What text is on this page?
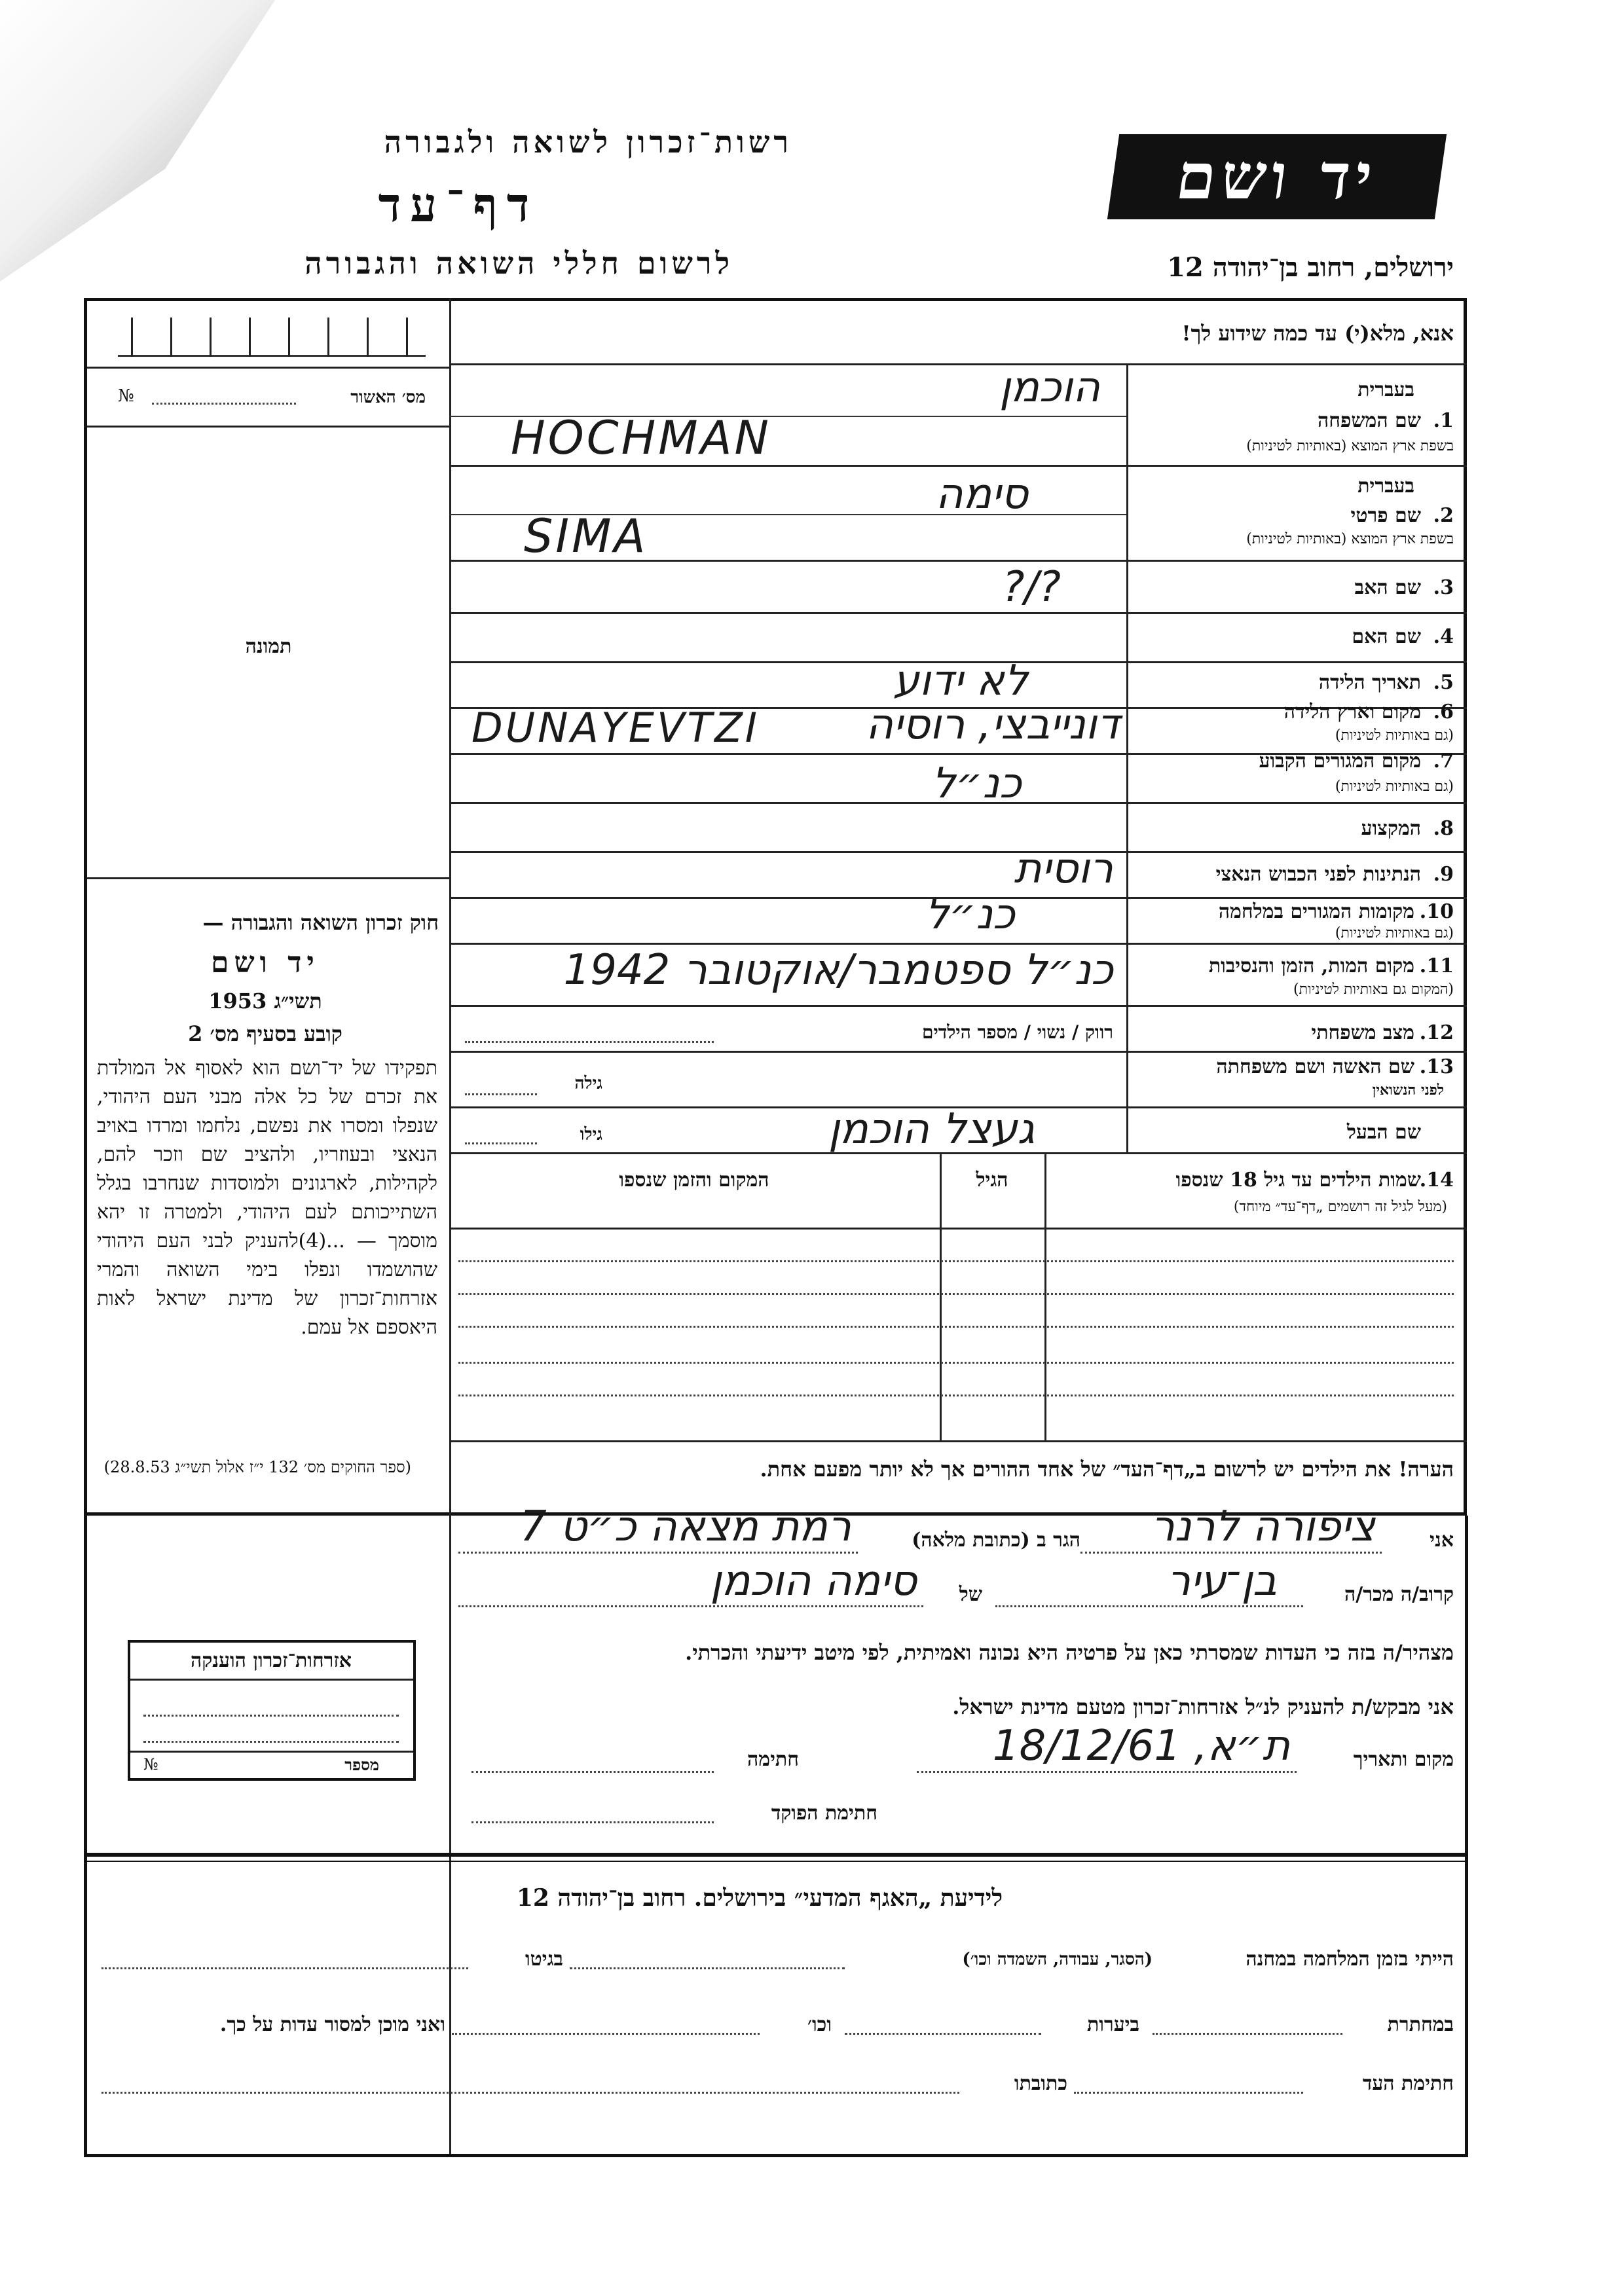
רשות־זכרון לשואה ולגבורה
דף־עד
לרשום חללי השואה והגבורה
יד ושם
ירושלים, רחוב בן־יהודה 12
מס׳ האשור
№
תמונה
אנא, מלא(י) עד כמה שידוע לך!
1.
שם המשפחה
בעברית
בשפת ארץ המוצא (באותיות לטיניות)
הוכמן
HOCHMAN
2.
שם פרטי
בעברית
בשפת ארץ המוצא (באותיות לטיניות)
סימה
SIMA
3.
שם האב
?/?
4.
שם האם
5.
תאריך הלידה
לא ידוע
6.
מקום וארץ הלידה
(גם באותיות לטיניות)
דונייבצי, רוסיה
DUNAYEVTZI
7.
מקום המגורים הקבוע
(גם באותיות לטיניות)
כנ״ל
8.
המקצוע
9.
הנתינות לפני הכבוש הנאצי
רוסית
10.
מקומות המגורים במלחמה
(גם באותיות לטיניות)
כנ״ל
11.
מקום המות, הזמן והנסיבות
(המקום גם באותיות לטיניות)
כנ״ל ספטמבר/אוקטובר 1942
12.
מצב משפחתי
רווק / נשוי / מספר הילדים
13.
שם האשה ושם משפחתה
לפני הנשואין
גילה
שם הבעל
גילו	געצל הוכמן
14.
שמות הילדים עד גיל 18 שנספו
(מעל לגיל זה רושמים „דף־עד״ מיוחד)
הגיל
המקום והזמן שנספו
הערה! את הילדים יש לרשום ב„דף־העד״ של אחד ההורים אך לא יותר מפעם אחת.
חוק זכרון השואה והגבורה —
יד ושם
תשי״ג 1953
קובע בסעיף מס׳ 2
תפקידו של יד־ושם הוא לאסוף אל המולדת את זכרם של כל אלה מבני העם היהודי, שנפלו ומסרו את נפשם, נלחמו ומרדו באויב הנאצי ובעוזריו, ולהציב שם וזכר להם, לקהילות, לארגונים ולמוסדות שנחרבו בגלל השתייכותם לעם היהודי, ולמטרה זו יהא מוסמך — ...(4)להעניק לבני העם היהודי שהושמדו ונפלו בימי השואה והמרי אזרחות־זכרון של מדינת ישראל לאות היאספם אל עמם.
(ספר החוקים מס׳ 132 י״ז אלול תשי״ג 28.8.53)
אזרחות־זכרון הוענקה
מספר
№
אני
ציפורה לרנר
הגר ב (כתובת מלאה)
רמת מצאה כ״ט 7
קרוב/ה מכר/ה
בן־עיר
של
סימה הוכמן
מצהיר/ה בזה כי העדות שמסרתי כאן על פרטיה היא נכונה ואמיתית, לפי מיטב ידיעתי והכרתי.
אני מבקש/ת להעניק לנ״ל אזרחות־זכרון מטעם מדינת ישראל.
מקום ותאריך
ת״א, 18/12/61
חתימה
חתימת הפוקד
לידיעת „האגף המדעי״ בירושלים. רחוב בן־יהודה 12
הייתי בזמן המלחמה במחנה
(הסגר, עבודה, השמדה וכו׳)
בגיטו
במחתרת
ביערות
וכו׳
ואני מוכן למסור עדות על כך.
חתימת העד
כתובתו
